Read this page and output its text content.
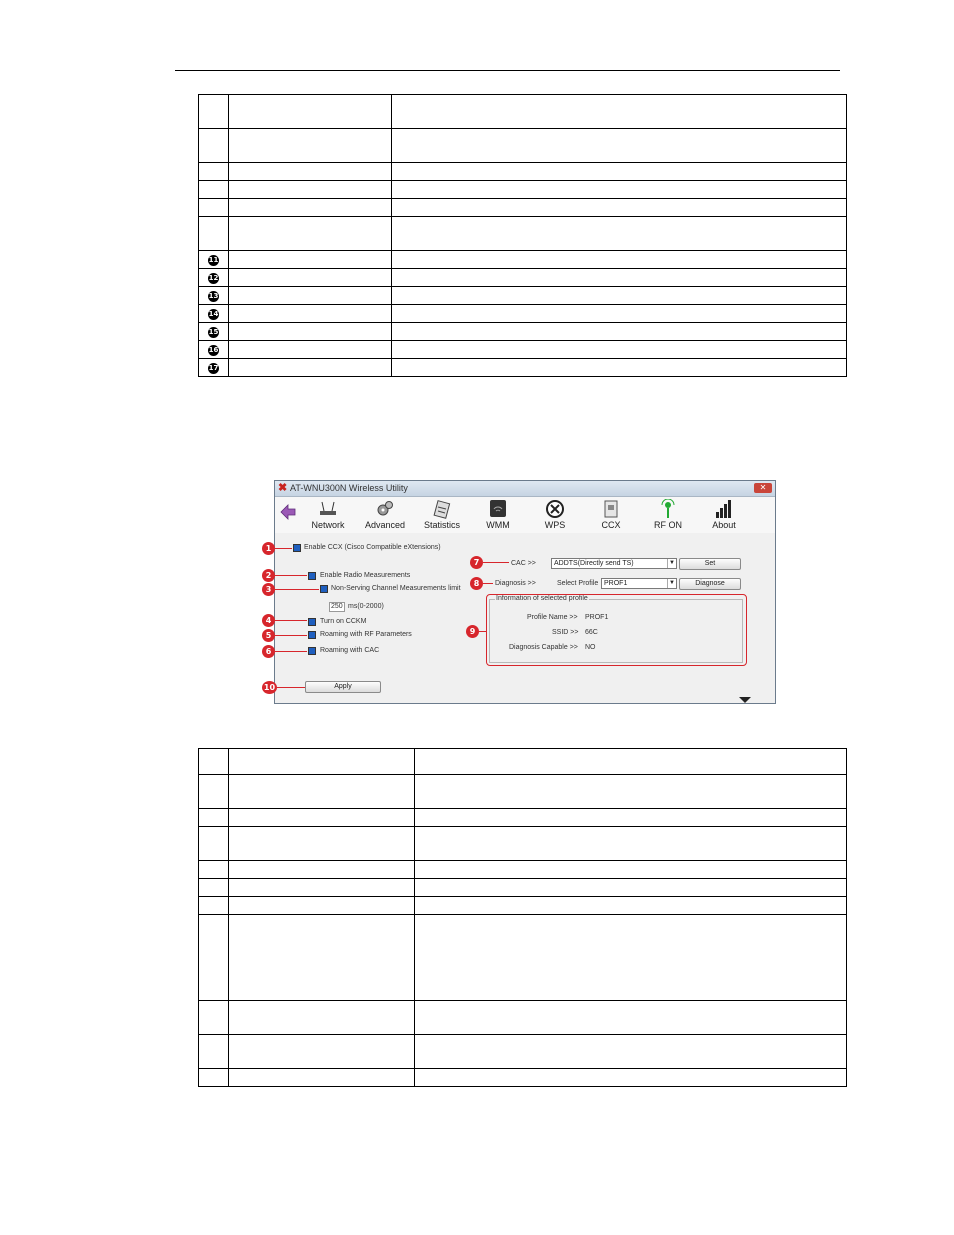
11		
12		
13		
14		
15		
16		
17		
✖ AT-WNU300N Wireless Utility	✕
Network	Advanced	Statistics	WMM	WPS	CCX	RF ON	About
Enable CCX (Cisco Compatible eXtensions)
Enable Radio Measurements
Non-Serving Channel Measurements limit
250 ms(0-2000)
Turn on CCKM
Roaming with RF Parameters
Roaming with CAC
Apply
CAC >>	ADDTS(Directly send TS)	▼	Set
Diagnosis >>	Select Profile PROF1	▼	Diagnose
Information of selected profile
Profile Name >> PROF1
SSID >> 66C
Diagnosis Capable >> NO
1
2
3
4
5
6
7
8
9
10
